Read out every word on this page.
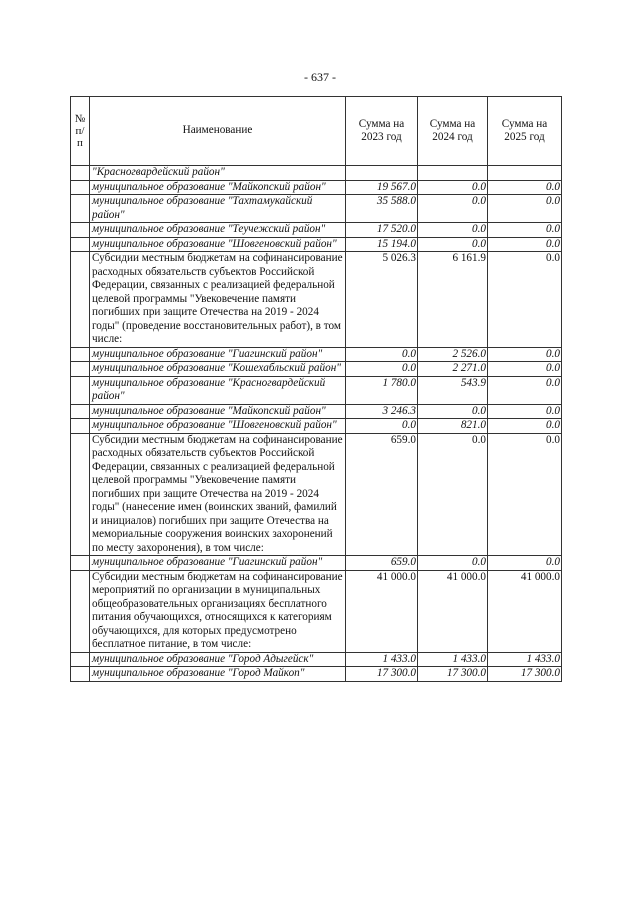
- 637 -
№ п/п	Наименование	Сумма на 2023 год	Сумма на 2024 год	Сумма на 2025 год
	"Красногвардейский район"			
	муниципальное образование "Майкопский район"	19 567.0	0.0	0.0
	муниципальное образование "Тахтамукайский район"	35 588.0	0.0	0.0
	муниципальное образование "Теучежский район"	17 520.0	0.0	0.0
	муниципальное образование "Шовгеновский район"	15 194.0	0.0	0.0
	Субсидии местным бюджетам на софинансирование расходных обязательств субъектов Российской Федерации, связанных с реализацией федеральной целевой программы "Увековечение памяти погибших при защите Отечества на 2019 - 2024 годы" (проведение восстановительных работ), в том числе:	5 026.3	6 161.9	0.0
	муниципальное образование "Гиагинский район"	0.0	2 526.0	0.0
	муниципальное образование "Кошехабльский район"	0.0	2 271.0	0.0
	муниципальное образование "Красногвардейский район"	1 780.0	543.9	0.0
	муниципальное образование "Майкопский район"	3 246.3	0.0	0.0
	муниципальное образование "Шовгеновский район"	0.0	821.0	0.0
	Субсидии местным бюджетам на софинансирование расходных обязательств субъектов Российской Федерации, связанных с реализацией федеральной целевой программы "Увековечение памяти погибших при защите Отечества на 2019 - 2024 годы" (нанесение имен (воинских званий, фамилий и инициалов) погибших при защите Отечества на мемориальные сооружения воинских захоронений по месту захоронения), в том числе:	659.0	0.0	0.0
	муниципальное образование "Гиагинский район"	659.0	0.0	0.0
	Субсидии местным бюджетам на софинансирование мероприятий по организации в муниципальных общеобразовательных организациях бесплатного питания обучающихся, относящихся к категориям обучающихся, для которых предусмотрено бесплатное питание, в том числе:	41 000.0	41 000.0	41 000.0
	муниципальное образование "Город Адыгейск"	1 433.0	1 433.0	1 433.0
	муниципальное образование "Город Майкоп"	17 300.0	17 300.0	17 300.0
